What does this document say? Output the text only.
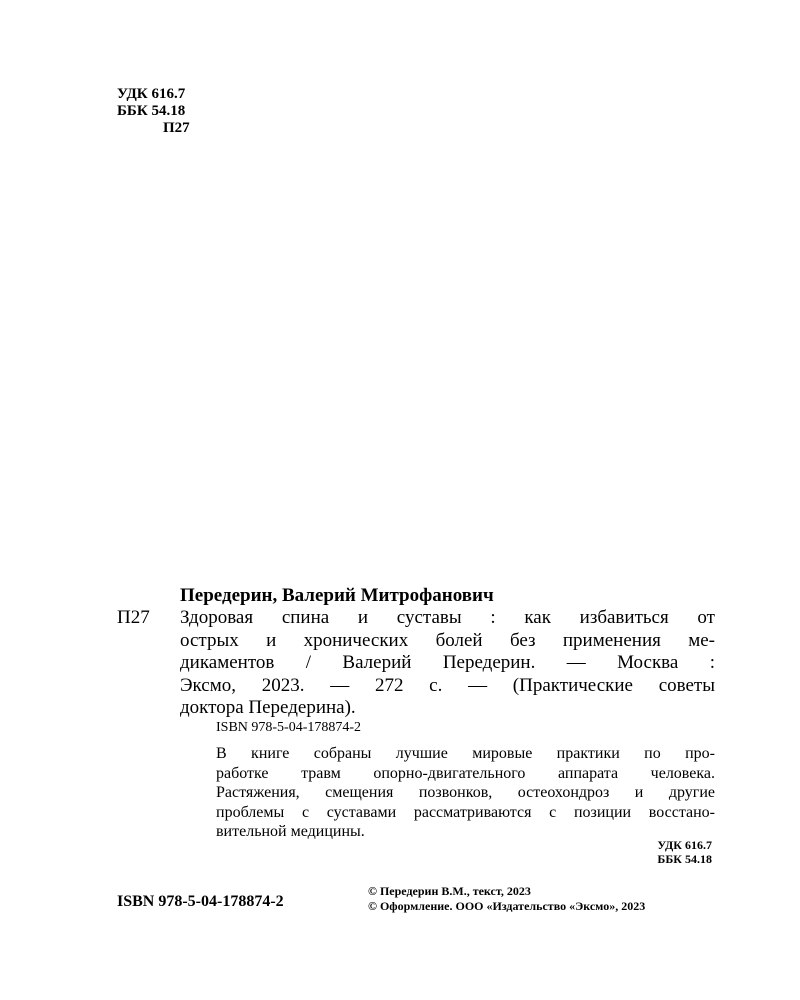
УДК 616.7
ББК 54.18
П27
Передерин, Валерий Митрофанович
П27 Здоровая спина и суставы : как избавиться от
острых и хронических болей без применения ме-
дикаментов / Валерий Передерин. — Москва :
Эксмо, 2023. — 272 с. — (Практические советы
доктора Передерина).
ISBN 978-5-04-178874-2
В книге собраны лучшие мировые практики по про-
работке травм опорно-двигательного аппарата человека.
Растяжения, смещения позвонков, остеохондроз и другие
проблемы с суставами рассматриваются с позиции восстано-
вительной медицины.
УДК 616.7
ББК 54.18
ISBN 978-5-04-178874-2
© Передерин В.М., текст, 2023
© Оформление. ООО «Издательство «Эксмо», 2023
